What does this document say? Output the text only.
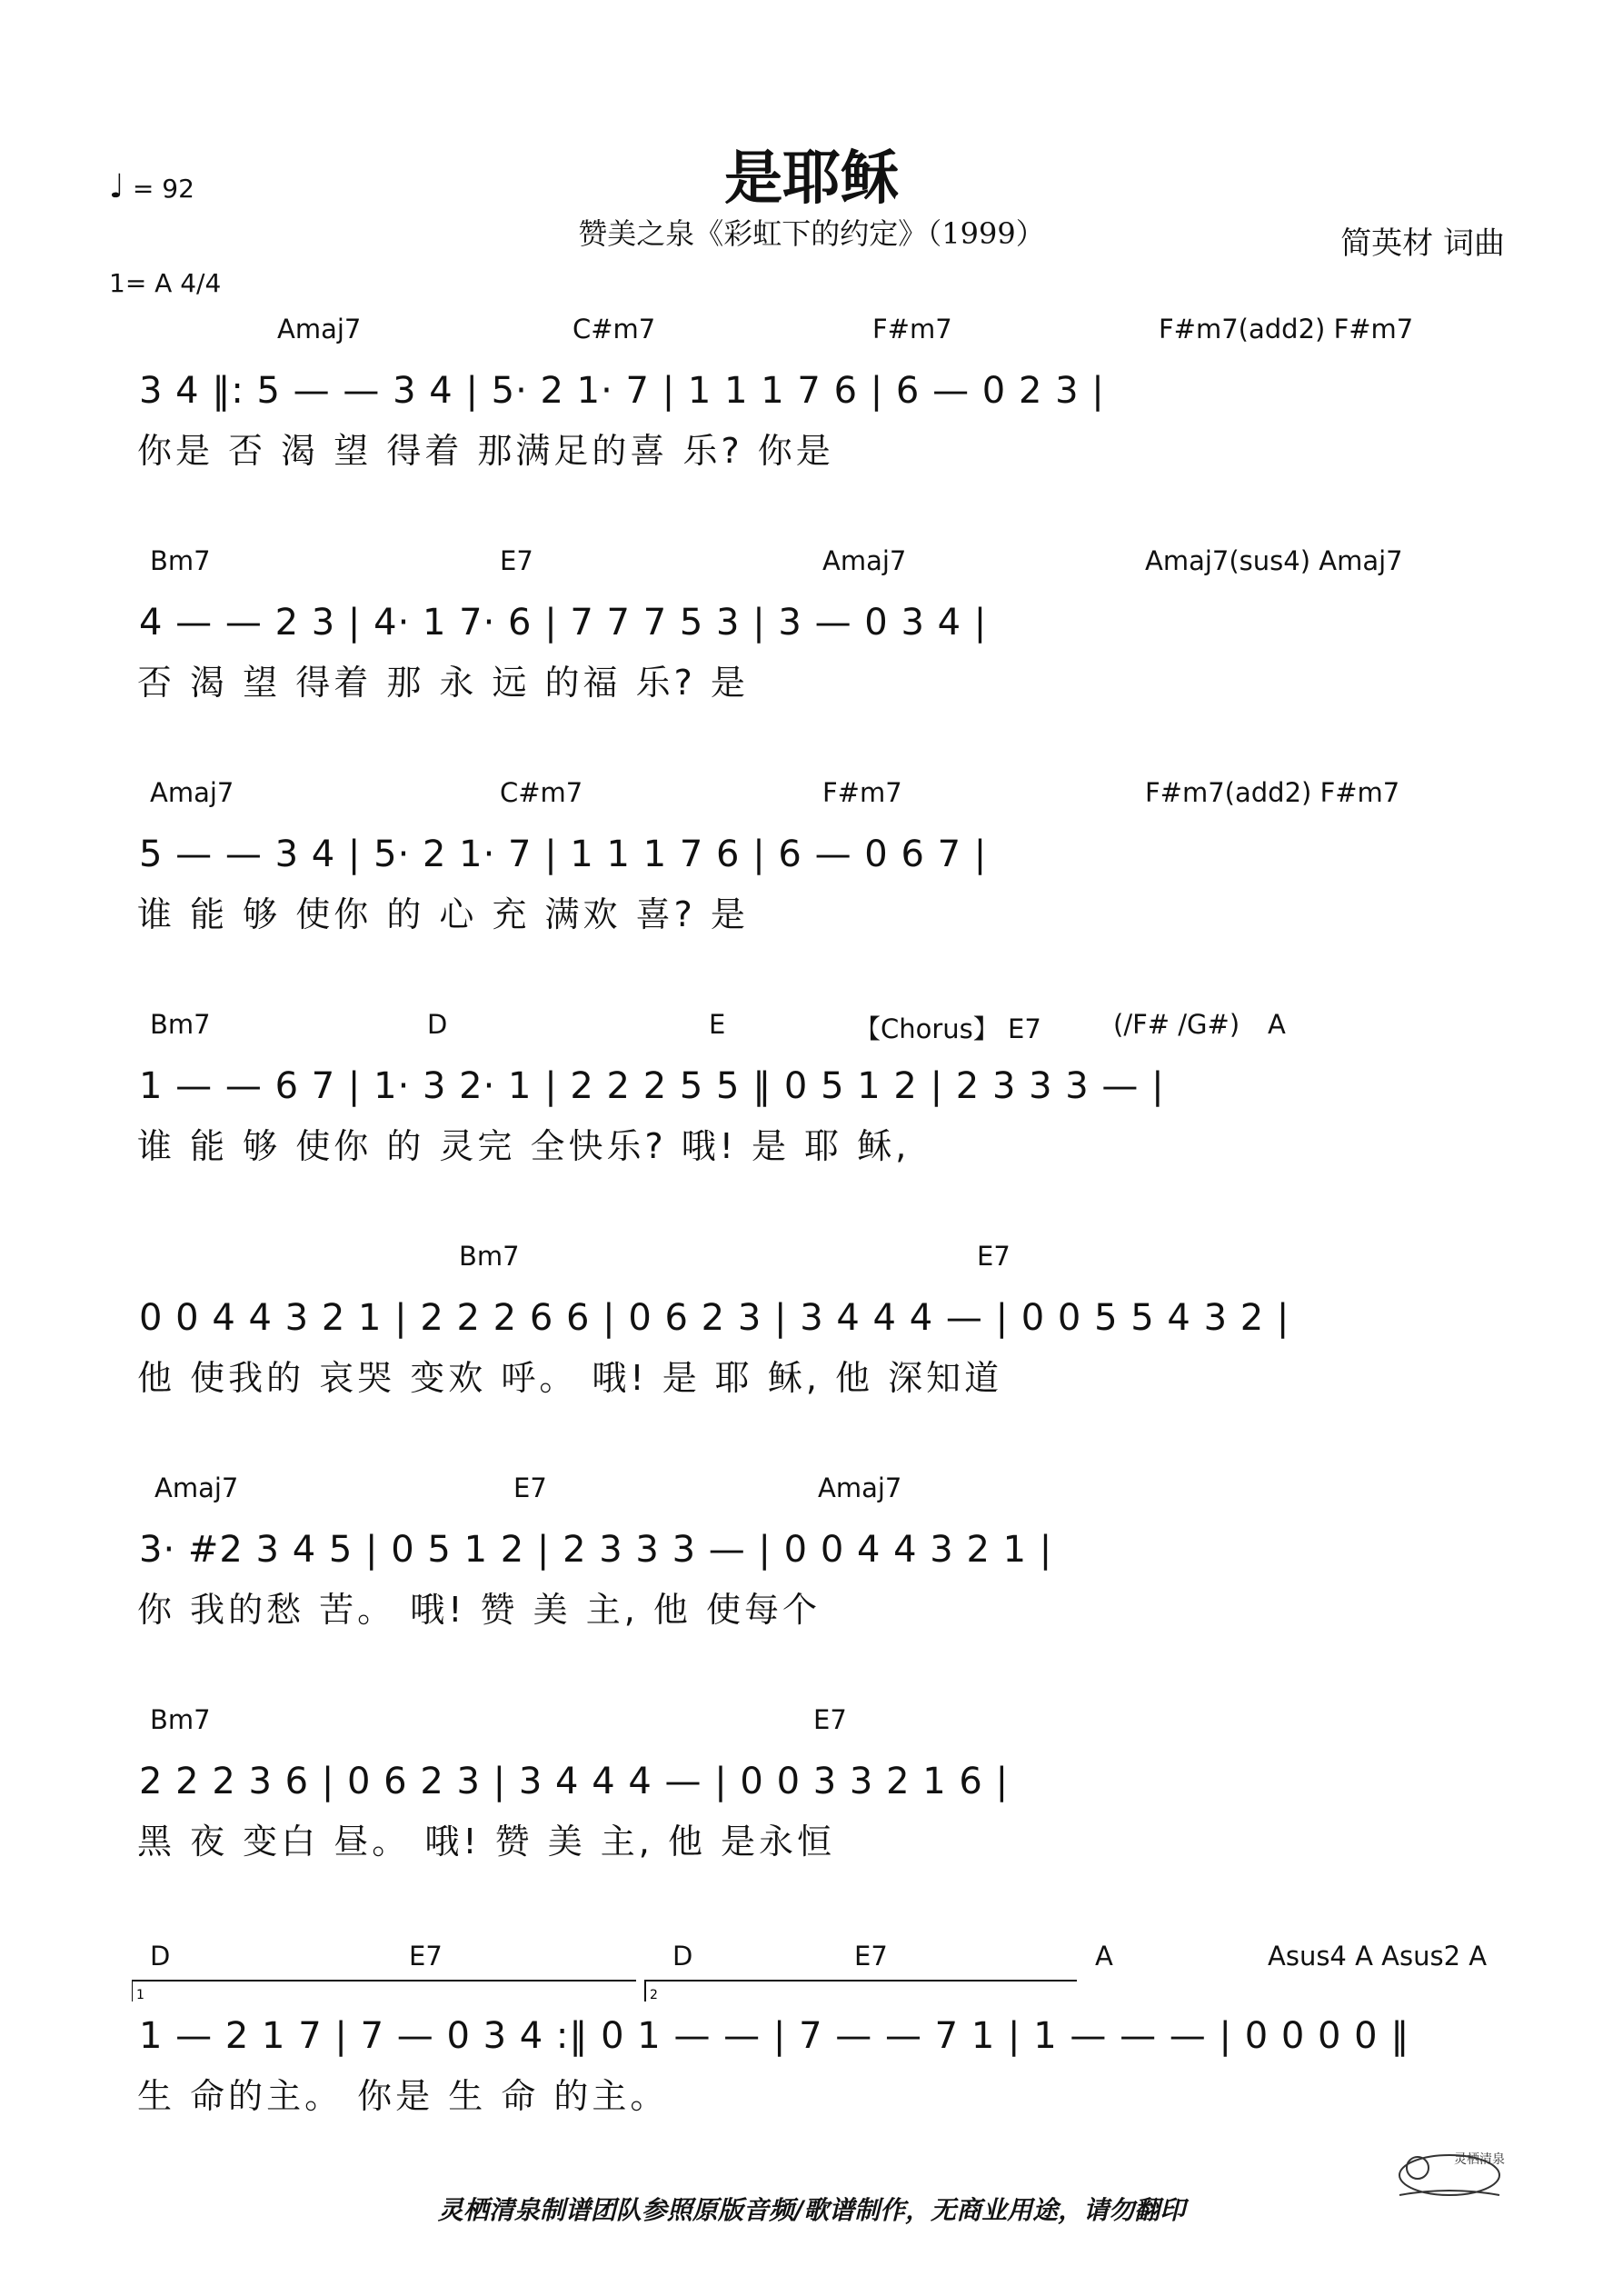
是耶稣
赞美之泉《彩虹下的约定》（1999）	简英材 词曲
♩ = 92
1= A 4/4
Amaj7	C#m7	F#m7	F#m7(add2) F#m7
3 4 ‖: 5 — — 3 4 | 5· 2 1· 7 | 1 1 1 7 6 | 6 — 0 2 3 |
你是 否 渴 望 得着 那满足的喜 乐? 你是
Bm7	E7	Amaj7	Amaj7(sus4) Amaj7
4 — — 2 3 | 4· 1 7· 6 | 7 7 7 5 3 | 3 — 0 3 4 |
否 渴 望 得着 那 永 远 的福 乐? 是
Amaj7	C#m7	F#m7	F#m7(add2) F#m7
5 — — 3 4 | 5· 2 1· 7 | 1 1 1 7 6 | 6 — 0 6 7 |
谁 能 够 使你 的 心 充 满欢 喜? 是
Bm7	D	E	【Chorus】 E7	(/F# /G#) A
1 — — 6 7 | 1· 3 2· 1 | 2 2 2 5 5 ‖ 0 5 1 2 | 2 3 3 3 — |
谁 能 够 使你 的 灵完 全快乐? 哦! 是 耶 稣,
Bm7	E7
0 0 4 4 3 2 1 | 2 2 2 6 6 | 0 6 2 3 | 3 4 4 4 — | 0 0 5 5 4 3 2 |
他 使我的 哀哭 变欢 呼。 哦! 是 耶 稣, 他 深知道
Amaj7	E7	Amaj7
3· #2 3 4 5 | 0 5 1 2 | 2 3 3 3 — | 0 0 4 4 3 2 1 |
你 我的愁 苦。 哦! 赞 美 主, 他 使每个
Bm7	E7
2 2 2 3 6 | 0 6 2 3 | 3 4 4 4 — | 0 0 3 3 2 1 6 |
黑 夜 变白 昼。 哦! 赞 美 主, 他 是永恒
D	E7	D	E7	A	Asus4 A Asus2 A
1	2
1 — 2 1 7 | 7 — 0 3 4 :‖ 0 1 — — | 7 — — 7 1 | 1 — — — | 0 0 0 0 ‖
生 命的主。 你是 生 命 的主。
灵栖清泉制谱团队参照原版音频/歌谱制作，无商业用途，请勿翻印
灵栖清泉
